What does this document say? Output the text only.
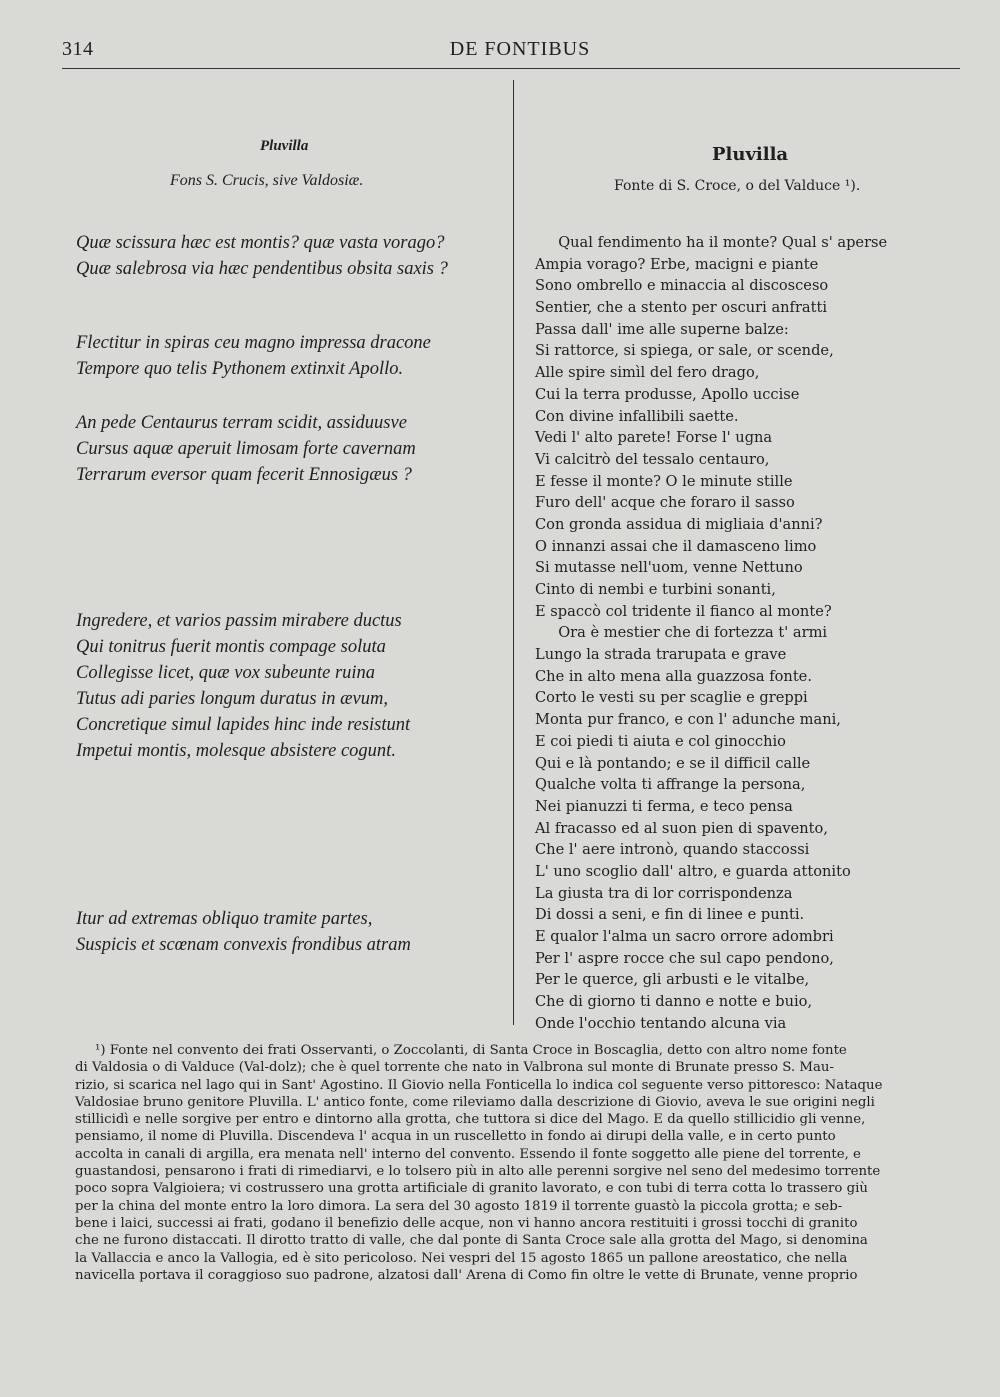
314	DE FONTIBUS
Pluvilla
Fons S. Crucis, sive Valdosiæ.
Quæ scissura hæc est montis? quæ vasta vorago?
Quæ salebrosa via hæc pendentibus obsita saxis ?
Flectitur in spiras ceu magno impressa dracone
Tempore quo telis Pythonem extinxit Apollo.
An pede Centaurus terram scidit, assiduusve
Cursus aquæ aperuit limosam forte cavernam
Terrarum eversor quam fecerit Ennosigæus ?
Ingredere, et varios passim mirabere ductus
Qui tonitrus fuerit montis compage soluta
Collegisse licet, quæ vox subeunte ruina
Tutus adi paries longum duratus in ævum,
Concretique simul lapides hinc inde resistunt
Impetui montis, molesque absistere cogunt.
Itur ad extremas obliquo tramite partes,
Suspicis et scœnam convexis frondibus atram
Pluvilla
Fonte di S. Croce, o del Valduce ¹).
Qual fendimento ha il monte? Qual s' aperse
Ampia vorago? Erbe, macigni e piante
Sono ombrello e minaccia al discosceso
Sentier, che a stento per oscuri anfratti
Passa dall' ime alle superne balze:
Si rattorce, si spiega, or sale, or scende,
Alle spire simìl del fero drago,
Cui la terra produsse, Apollo uccise
Con divine infallibili saette.
Vedi l' alto parete! Forse l' ugna
Vi calcitrò del tessalo centauro,
E fesse il monte? O le minute stille
Furo dell' acque che foraro il sasso
Con gronda assidua di migliaia d'anni?
O innanzi assai che il damasceno limo
Si mutasse nell'uom, venne Nettuno
Cinto di nembi e turbini sonanti,
E spaccò col tridente il fianco al monte?
Ora è mestier che di fortezza t' armi
Lungo la strada trarupata e grave
Che in alto mena alla guazzosa fonte.
Corto le vesti su per scaglie e greppi
Monta pur franco, e con l' adunche mani,
E coi piedi ti aiuta e col ginocchio
Qui e là pontando; e se il difficil calle
Qualche volta ti affrange la persona,
Nei pianuzzi ti ferma, e teco pensa
Al fracasso ed al suon pien di spavento,
Che l' aere intronò, quando staccossi
L' uno scoglio dall' altro, e guarda attonito
La giusta tra di lor corrispondenza
Di dossi a seni, e fin di linee e punti.
E qualor l'alma un sacro orrore adombri
Per l' aspre rocce che sul capo pendono,
Per le querce, gli arbusti e le vitalbe,
Che di giorno ti danno e notte e buio,
Onde l'occhio tentando alcuna via
¹) Fonte nel convento dei frati Osservanti, o Zoccolanti, di Santa Croce in Boscaglia, detto con altro nome fonte
di Valdosia o di Valduce (Val-dolz); che è quel torrente che nato in Valbrona sul monte di Brunate presso S. Mau-
rizio, si scarica nel lago qui in Sant' Agostino. Il Giovio nella Fonticella lo indica col seguente verso pittoresco: Nataque
Valdosiae bruno genitore Pluvilla. L' antico fonte, come rileviamo dalla descrizione di Giovio, aveva le sue origini negli
stillicidì e nelle sorgive per entro e dintorno alla grotta, che tuttora si dice del Mago. E da quello stillicidio gli venne,
pensiamo, il nome di Pluvilla. Discendeva l' acqua in un ruscelletto in fondo ai dirupi della valle, e in certo punto
accolta in canali di argilla, era menata nell' interno del convento. Essendo il fonte soggetto alle piene del torrente, e
guastandosi, pensarono i frati di rimediarvi, e lo tolsero più in alto alle perenni sorgive nel seno del medesimo torrente
poco sopra Valgioiera; vi costrussero una grotta artificiale di granito lavorato, e con tubi di terra cotta lo trassero giù
per la china del monte entro la loro dimora. La sera del 30 agosto 1819 il torrente guastò la piccola grotta; e seb-
bene i laici, successi ai frati, godano il benefizio delle acque, non vi hanno ancora restituiti i grossi tocchi di granito
che ne furono distaccati. Il dirotto tratto di valle, che dal ponte di Santa Croce sale alla grotta del Mago, si denomina
la Vallaccia e anco la Vallogia, ed è sito pericoloso. Nei vespri del 15 agosto 1865 un pallone areostatico, che nella
navicella portava il coraggioso suo padrone, alzatosi dall' Arena di Como fin oltre le vette di Brunate, venne proprio
